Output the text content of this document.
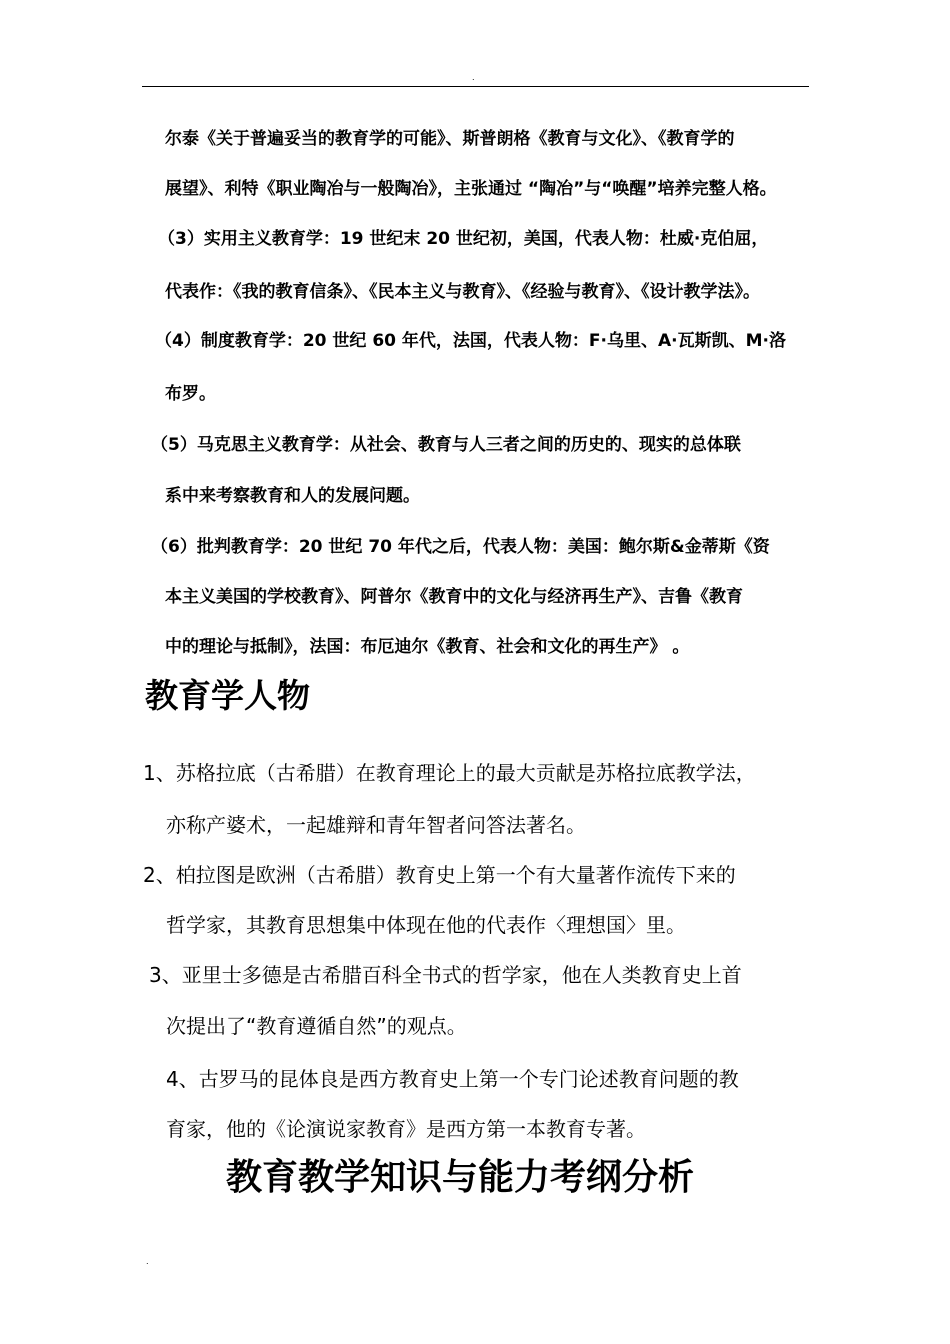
.
尔泰《关于普遍妥当的教育学的可能》、斯普朗格《教育与文化》、《教育学的
展望》、利特《职业陶冶与一般陶冶》，主张通过 “陶冶”与“唤醒”培养完整人格。
（3）实用主义教育学：19 世纪末 20 世纪初，美国，代表人物：杜威·克伯屈，
代表作：《我的教育信条》、《民本主义与教育》、《经验与教育》、《设计教学法》。
（4）制度教育学：20 世纪 60 年代，法国，代表人物：F·乌里、A·瓦斯凯、M·洛
布罗。
（5）马克思主义教育学：从社会、教育与人三者之间的历史的、现实的总体联
系中来考察教育和人的发展问题。
（6）批判教育学：20 世纪 70 年代之后，代表人物：美国：鲍尔斯&金蒂斯《资
本主义美国的学校教育》、阿普尔《教育中的文化与经济再生产》、吉鲁《教育
中的理论与抵制》，法国：布厄迪尔《教育、社会和文化的再生产》 。
教育学人物
1、苏格拉底（古希腊）在教育理论上的最大贡献是苏格拉底教学法，
亦称产婆术，一起雄辩和青年智者问答法著名。
2、柏拉图是欧洲（古希腊）教育史上第一个有大量著作流传下来的
哲学家，其教育思想集中体现在他的代表作〈理想国〉里。
3、亚里士多德是古希腊百科全书式的哲学家，他在人类教育史上首
次提出了“教育遵循自然”的观点。
4、古罗马的昆体良是西方教育史上第一个专门论述教育问题的教
育家，他的《论演说家教育》是西方第一本教育专著。
教育教学知识与能力考纲分析
.
